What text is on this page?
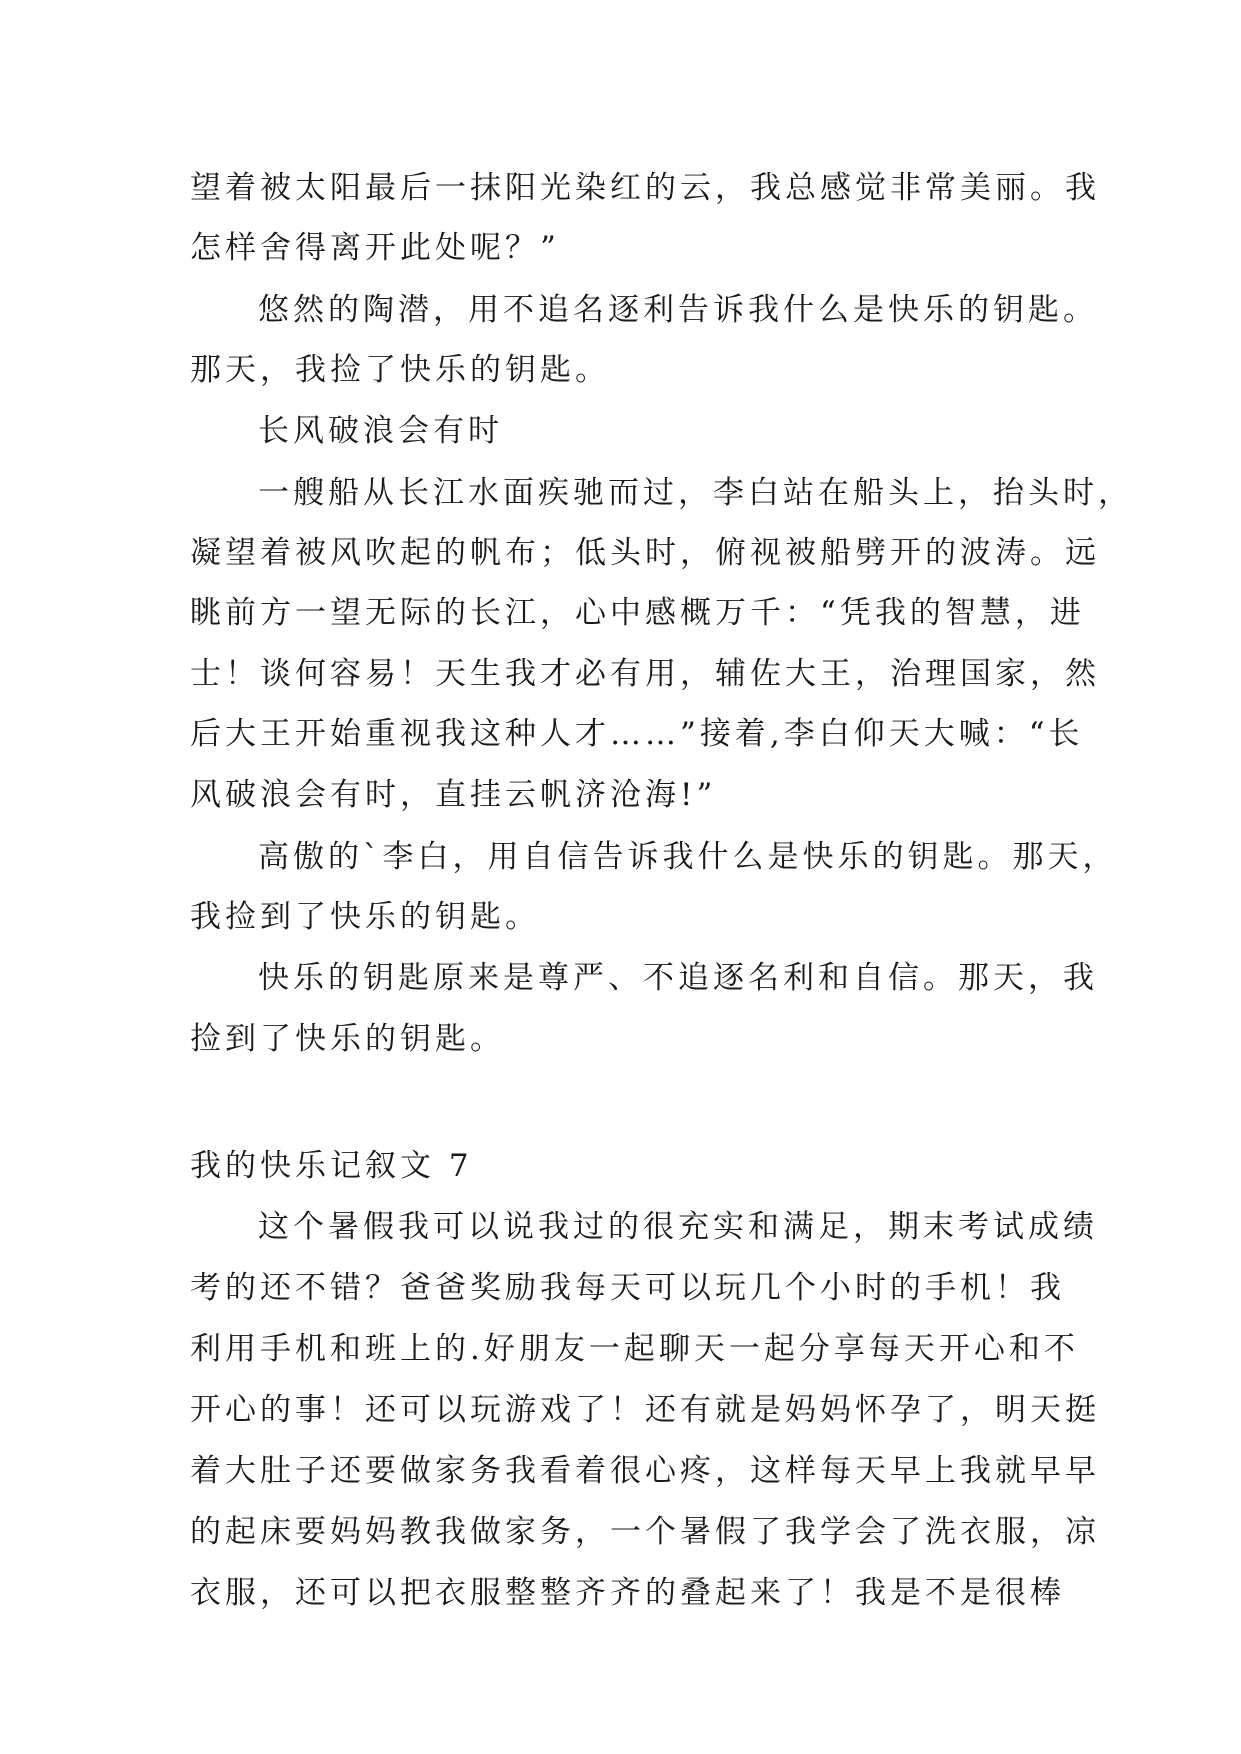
望着被太阳最后一抹阳光染红的云，我总感觉非常美丽。我
怎样舍得离开此处呢？”
悠然的陶潜，用不追名逐利告诉我什么是快乐的钥匙。
那天，我捡了快乐的钥匙。
长风破浪会有时
一艘船从长江水面疾驰而过，李白站在船头上，抬头时，
凝望着被风吹起的帆布；低头时，俯视被船劈开的波涛。远
眺前方一望无际的长江，心中感概万千：“凭我的智慧，进
士！谈何容易！天生我才必有用，辅佐大王，治理国家，然
后大王开始重视我这种人才……”接着,李白仰天大喊：“长
风破浪会有时，直挂云帆济沧海!”
高傲的`李白，用自信告诉我什么是快乐的钥匙。那天，
我捡到了快乐的钥匙。
快乐的钥匙原来是尊严、不追逐名利和自信。那天，我
捡到了快乐的钥匙。
我的快乐记叙文 7
这个暑假我可以说我过的很充实和满足，期末考试成绩
考的还不错？爸爸奖励我每天可以玩几个小时的手机！我
利用手机和班上的.好朋友一起聊天一起分享每天开心和不
开心的事！还可以玩游戏了！还有就是妈妈怀孕了，明天挺
着大肚子还要做家务我看着很心疼，这样每天早上我就早早
的起床要妈妈教我做家务，一个暑假了我学会了洗衣服，凉
衣服，还可以把衣服整整齐齐的叠起来了！我是不是很棒
